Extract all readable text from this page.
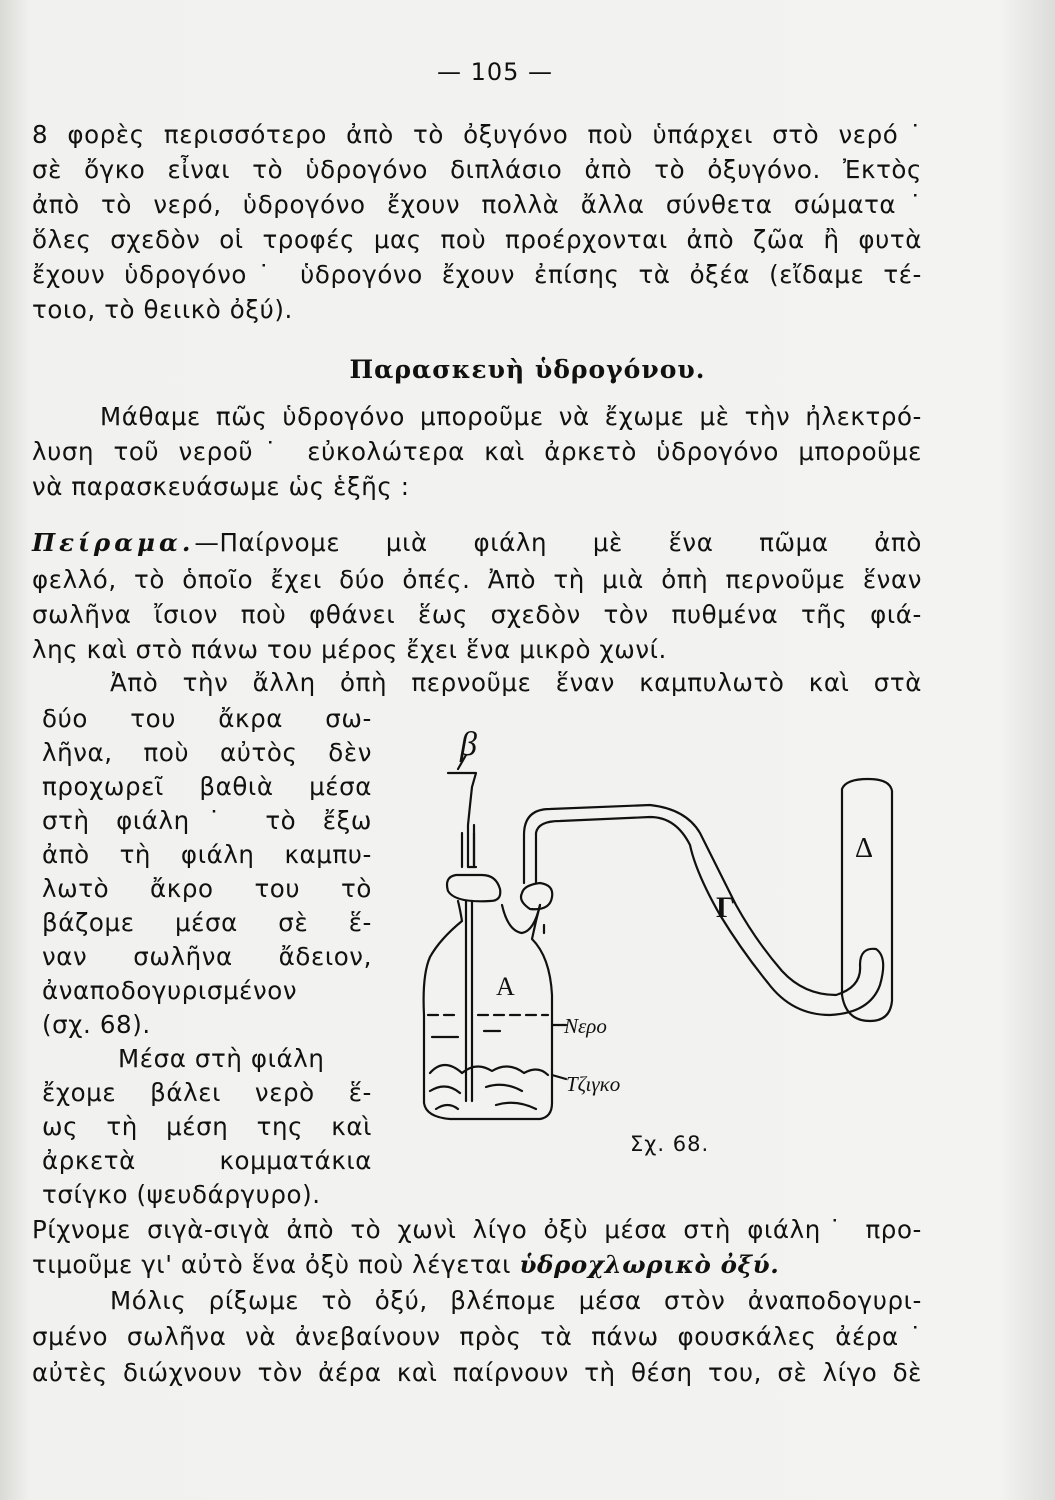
— 105 —
8 φορὲς περισσότερο ἀπὸ τὸ ὀξυγόνο ποὺ ὑπάρχει στὸ νερό˙
σὲ ὄγκο εἶναι τὸ ὑδρογόνο διπλάσιο ἀπὸ τὸ ὀξυγόνο. Ἐκτὸς
ἀπὸ τὸ νερό, ὑδρογόνο ἔχουν πολλὰ ἄλλα σύνθετα σώματα˙
ὅλες σχεδὸν οἱ τροφές μας ποὺ προέρχονται ἀπὸ ζῶα ἢ φυτὰ
ἔχουν ὑδρογόνο˙ ὑδρογόνο ἔχουν ἐπίσης τὰ ὀξέα (εἴδαμε τέ-
τοιο, τὸ θειικὸ ὀξύ).
Παρασκευὴ ὑδρογόνου.
Μάθαμε πῶς ὑδρογόνο μποροῦμε νὰ ἔχωμε μὲ τὴν ἠλεκτρό-
λυση τοῦ νεροῦ˙ εὐκολώτερα καὶ ἀρκετὸ ὑδρογόνο μποροῦμε
νὰ παρασκευάσωμε ὡς ἑξῆς :
Πείραμα.—Παίρνομε μιὰ φιάλη μὲ ἕνα πῶμα ἀπὸ
φελλό, τὸ ὁποῖο ἔχει δύο ὀπές. Ἀπὸ τὴ μιὰ ὀπὴ περνοῦμε ἕναν
σωλῆνα ἴσιον ποὺ φθάνει ἕως σχεδὸν τὸν πυθμένα τῆς φιά-
λης καὶ στὸ πάνω του μέρος ἔχει ἕνα μικρὸ χωνί.
Ἀπὸ τὴν ἄλλη ὀπὴ περνοῦμε ἕναν καμπυλωτὸ καὶ στὰ
δύο του ἄκρα σω-
λῆνα, ποὺ αὐτὸς δὲν
προχωρεῖ βαθιὰ μέσα
στὴ φιάλη˙ τὸ ἔξω
ἀπὸ τὴ φιάλη καμπυ-
λωτὸ ἄκρο του τὸ
βάζομε μέσα σὲ ἕ-
ναν σωλῆνα ἄδειον,
ἀναποδογυρισμένον
(σχ. 68).
Μέσα στὴ φιάλη
ἔχομε βάλει νερὸ ἕ-
ως τὴ μέση της καὶ
ἀρκετὰ κομματάκια
τσίγκο (ψευδάργυρο).
β
Α
Γ
Δ
Νερο
Τζιγκο
Σχ. 68.
Ρίχνομε σιγὰ-σιγὰ ἀπὸ τὸ χωνὶ λίγο ὀξὺ μέσα στὴ φιάλη˙ προ-
τιμοῦμε γι' αὐτὸ ἕνα ὀξὺ ποὺ λέγεται ὑδροχλωρικὸ ὀξύ.
Μόλις ρίξωμε τὸ ὀξύ, βλέπομε μέσα στὸν ἀναποδογυρι-
σμένο σωλῆνα νὰ ἀνεβαίνουν πρὸς τὰ πάνω φουσκάλες ἀέρα˙
αὐτὲς διώχνουν τὸν ἀέρα καὶ παίρνουν τὴ θέση του, σὲ λίγο δὲ
